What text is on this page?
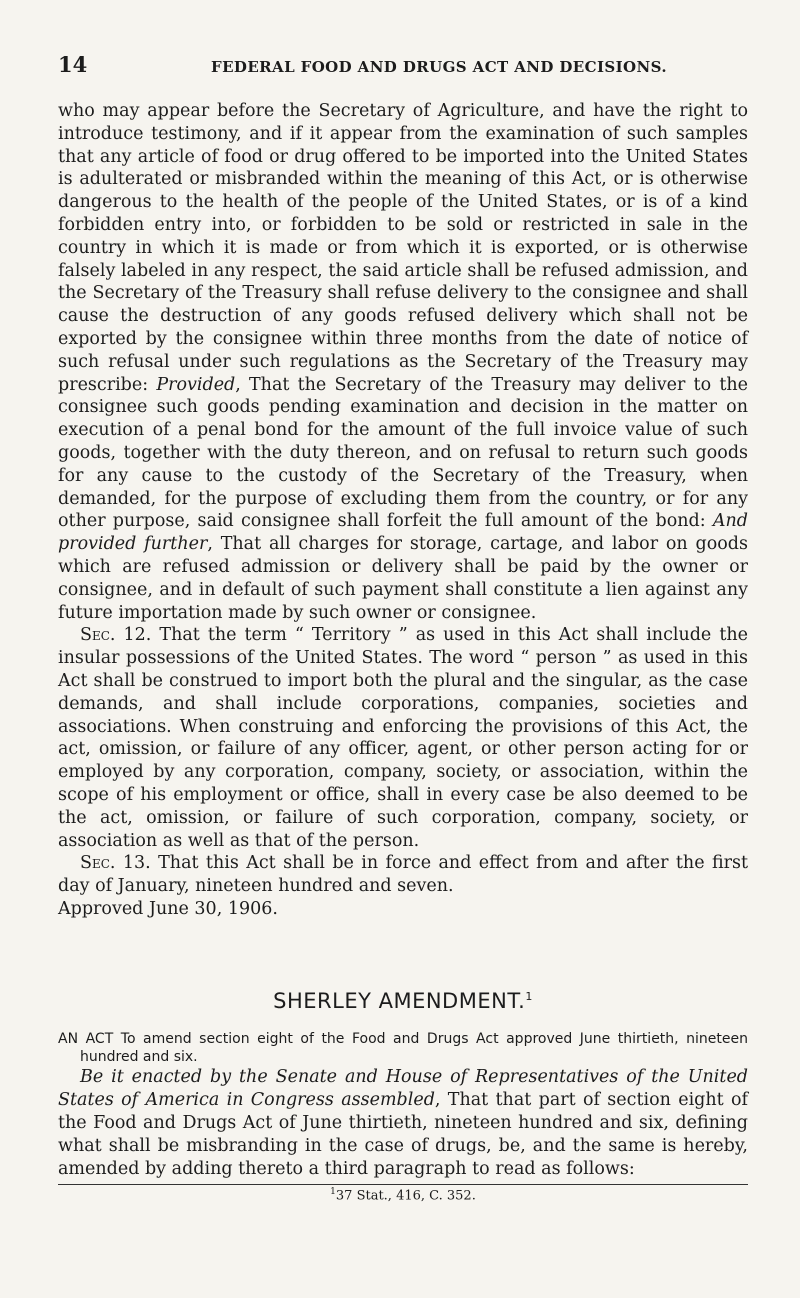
14	FEDERAL FOOD AND DRUGS ACT AND DECISIONS.

who may appear before the Secretary of Agriculture, and have the right to introduce testimony, and if it appear from the examination of such samples that any article of food or drug offered to be imported into the United States is adulterated or misbranded within the meaning of this Act, or is otherwise dangerous to the health of the people of the United States, or is of a kind forbidden entry into, or forbidden to be sold or restricted in sale in the country in which it is made or from which it is exported, or is otherwise falsely labeled in any respect, the said article shall be refused admission, and the Secretary of the Treasury shall refuse delivery to the consignee and shall cause the destruction of any goods refused delivery which shall not be exported by the consignee within three months from the date of notice of such refusal under such regulations as the Secretary of the Treasury may prescribe: Provided, That the Secretary of the Treasury may deliver to the consignee such goods pending examination and decision in the matter on execution of a penal bond for the amount of the full invoice value of such goods, together with the duty thereon, and on refusal to return such goods for any cause to the custody of the Secretary of the Treasury, when demanded, for the purpose of excluding them from the country, or for any other purpose, said consignee shall forfeit the full amount of the bond: And provided further, That all charges for storage, cartage, and labor on goods which are refused admission or delivery shall be paid by the owner or consignee, and in default of such payment shall constitute a lien against any future importation made by such owner or consignee.

Sec. 12. That the term “ Territory ” as used in this Act shall include the insular possessions of the United States. The word “ person ” as used in this Act shall be construed to import both the plural and the singular, as the case demands, and shall include corporations, companies, societies and associations. When construing and enforcing the provisions of this Act, the act, omission, or failure of any officer, agent, or other person acting for or employed by any corporation, company, society, or association, within the scope of his employment or office, shall in every case be also deemed to be the act, omission, or failure of such corporation, company, society, or association as well as that of the person.

Sec. 13. That this Act shall be in force and effect from and after the first day of January, nineteen hundred and seven.

Approved June 30, 1906.

SHERLEY AMENDMENT.$^1$

AN ACT To amend section eight of the Food and Drugs Act approved June thirtieth, nineteen hundred and six.

Be it enacted by the Senate and House of Representatives of the United States of America in Congress assembled, That that part of section eight of the Food and Drugs Act of June thirtieth, nineteen hundred and six, defining what shall be misbranding in the case of drugs, be, and the same is hereby, amended by adding thereto a third paragraph to read as follows:

$^1$37 Stat., 416, C. 352.
